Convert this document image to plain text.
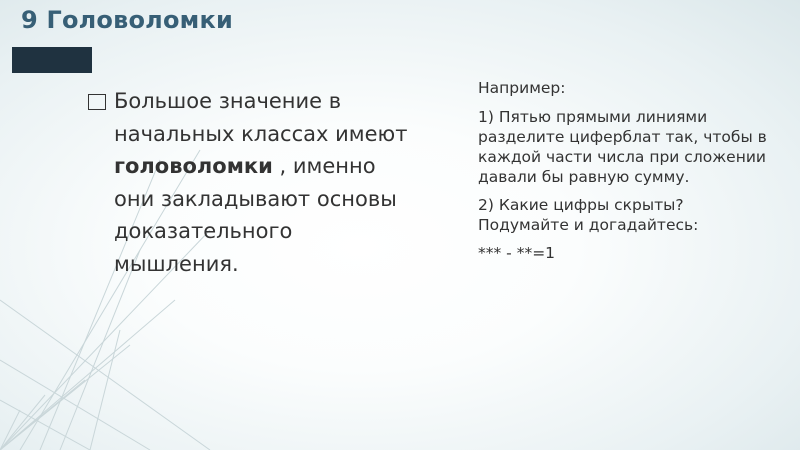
9 Головоломки
Большое значение в начальных классах имеют головоломки , именно они закладывают основы доказательного мышления.

Например:

1) Пятью прямыми линиями разделите циферблат так, чтобы в каждой части числа при сложении давали бы равную сумму.

2) Какие цифры скрыты? Подумайте и догадайтесь:

*** - **=1
